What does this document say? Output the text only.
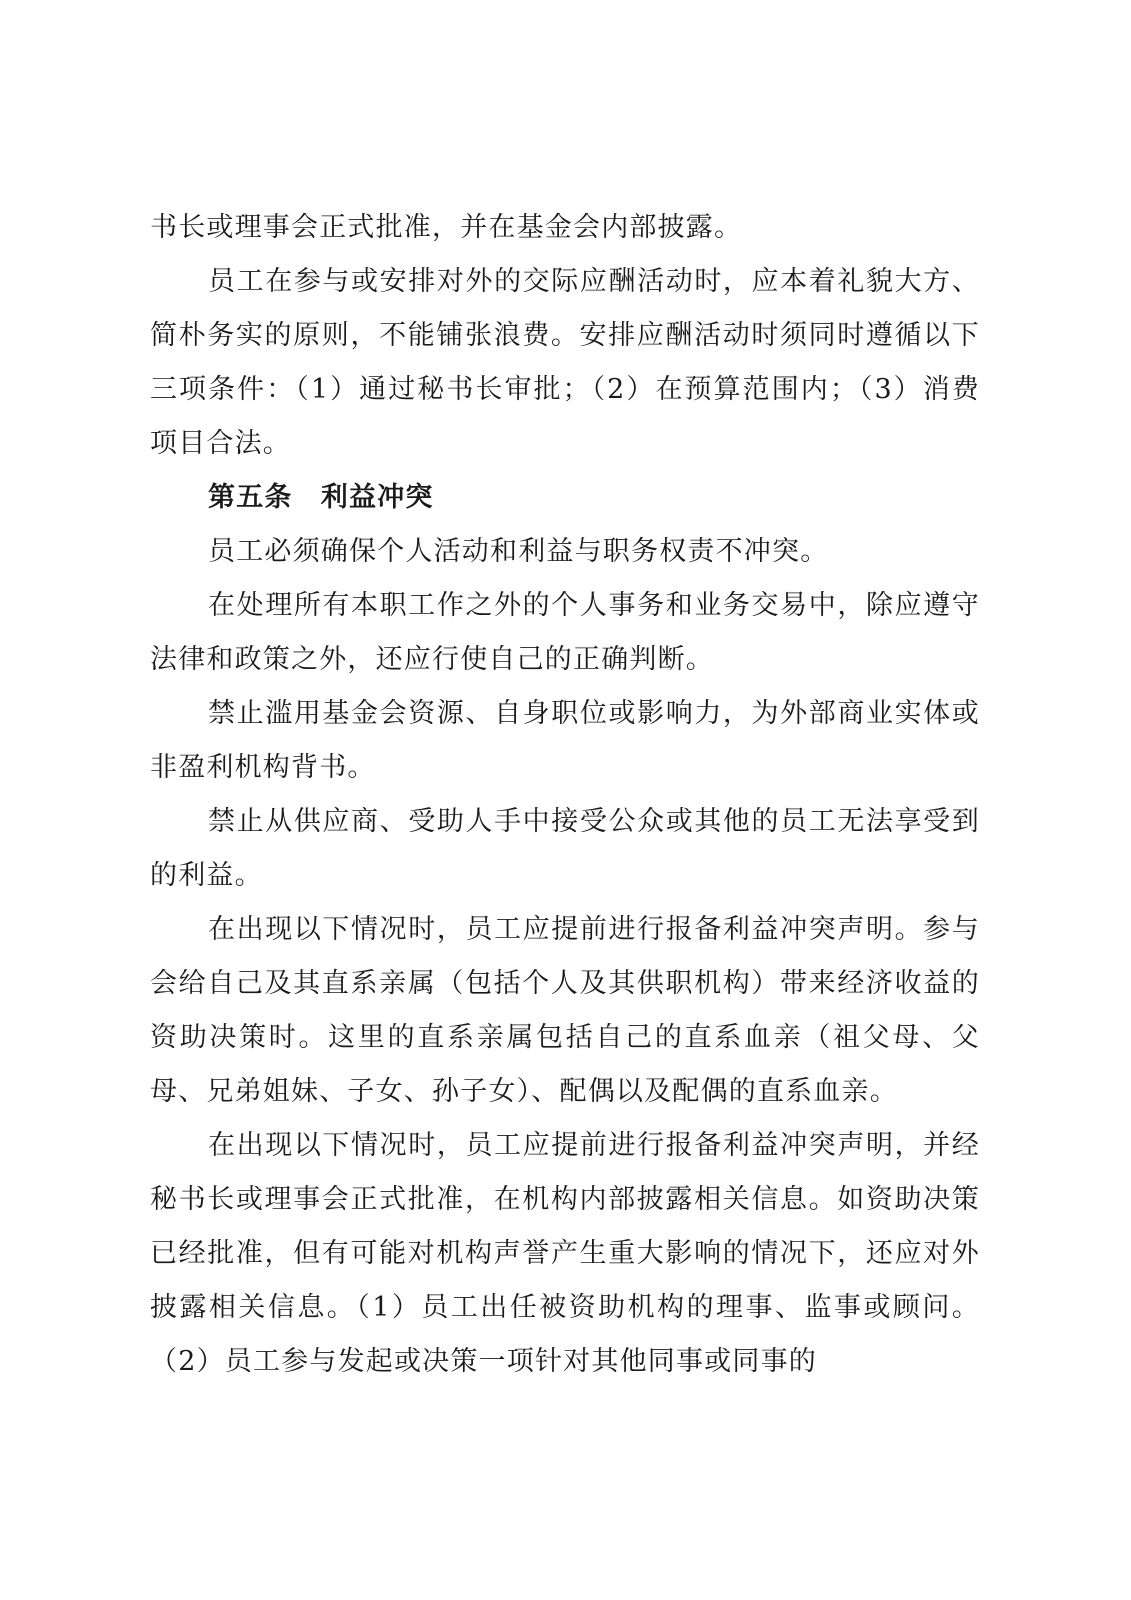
书长或理事会正式批准，并在基金会内部披露。

员工在参与或安排对外的交际应酬活动时，应本着礼貌大方、简朴务实的原则，不能铺张浪费。安排应酬活动时须同时遵循以下三项条件：（1）通过秘书长审批；（2）在预算范围内；（3）消费项目合法。

第五条　利益冲突

员工必须确保个人活动和利益与职务权责不冲突。

在处理所有本职工作之外的个人事务和业务交易中，除应遵守法律和政策之外，还应行使自己的正确判断。

禁止滥用基金会资源、自身职位或影响力，为外部商业实体或非盈利机构背书。

禁止从供应商、受助人手中接受公众或其他的员工无法享受到的利益。

在出现以下情况时，员工应提前进行报备利益冲突声明。参与会给自己及其直系亲属（包括个人及其供职机构）带来经济收益的资助决策时。这里的直系亲属包括自己的直系血亲（祖父母、父母、兄弟姐妹、子女、孙子女）、配偶以及配偶的直系血亲。

在出现以下情况时，员工应提前进行报备利益冲突声明，并经秘书长或理事会正式批准，在机构内部披露相关信息。如资助决策已经批准，但有可能对机构声誉产生重大影响的情况下，还应对外披露相关信息。（1）员工出任被资助机构的理事、监事或顾问。（2）员工参与发起或决策一项针对其他同事或同事的
